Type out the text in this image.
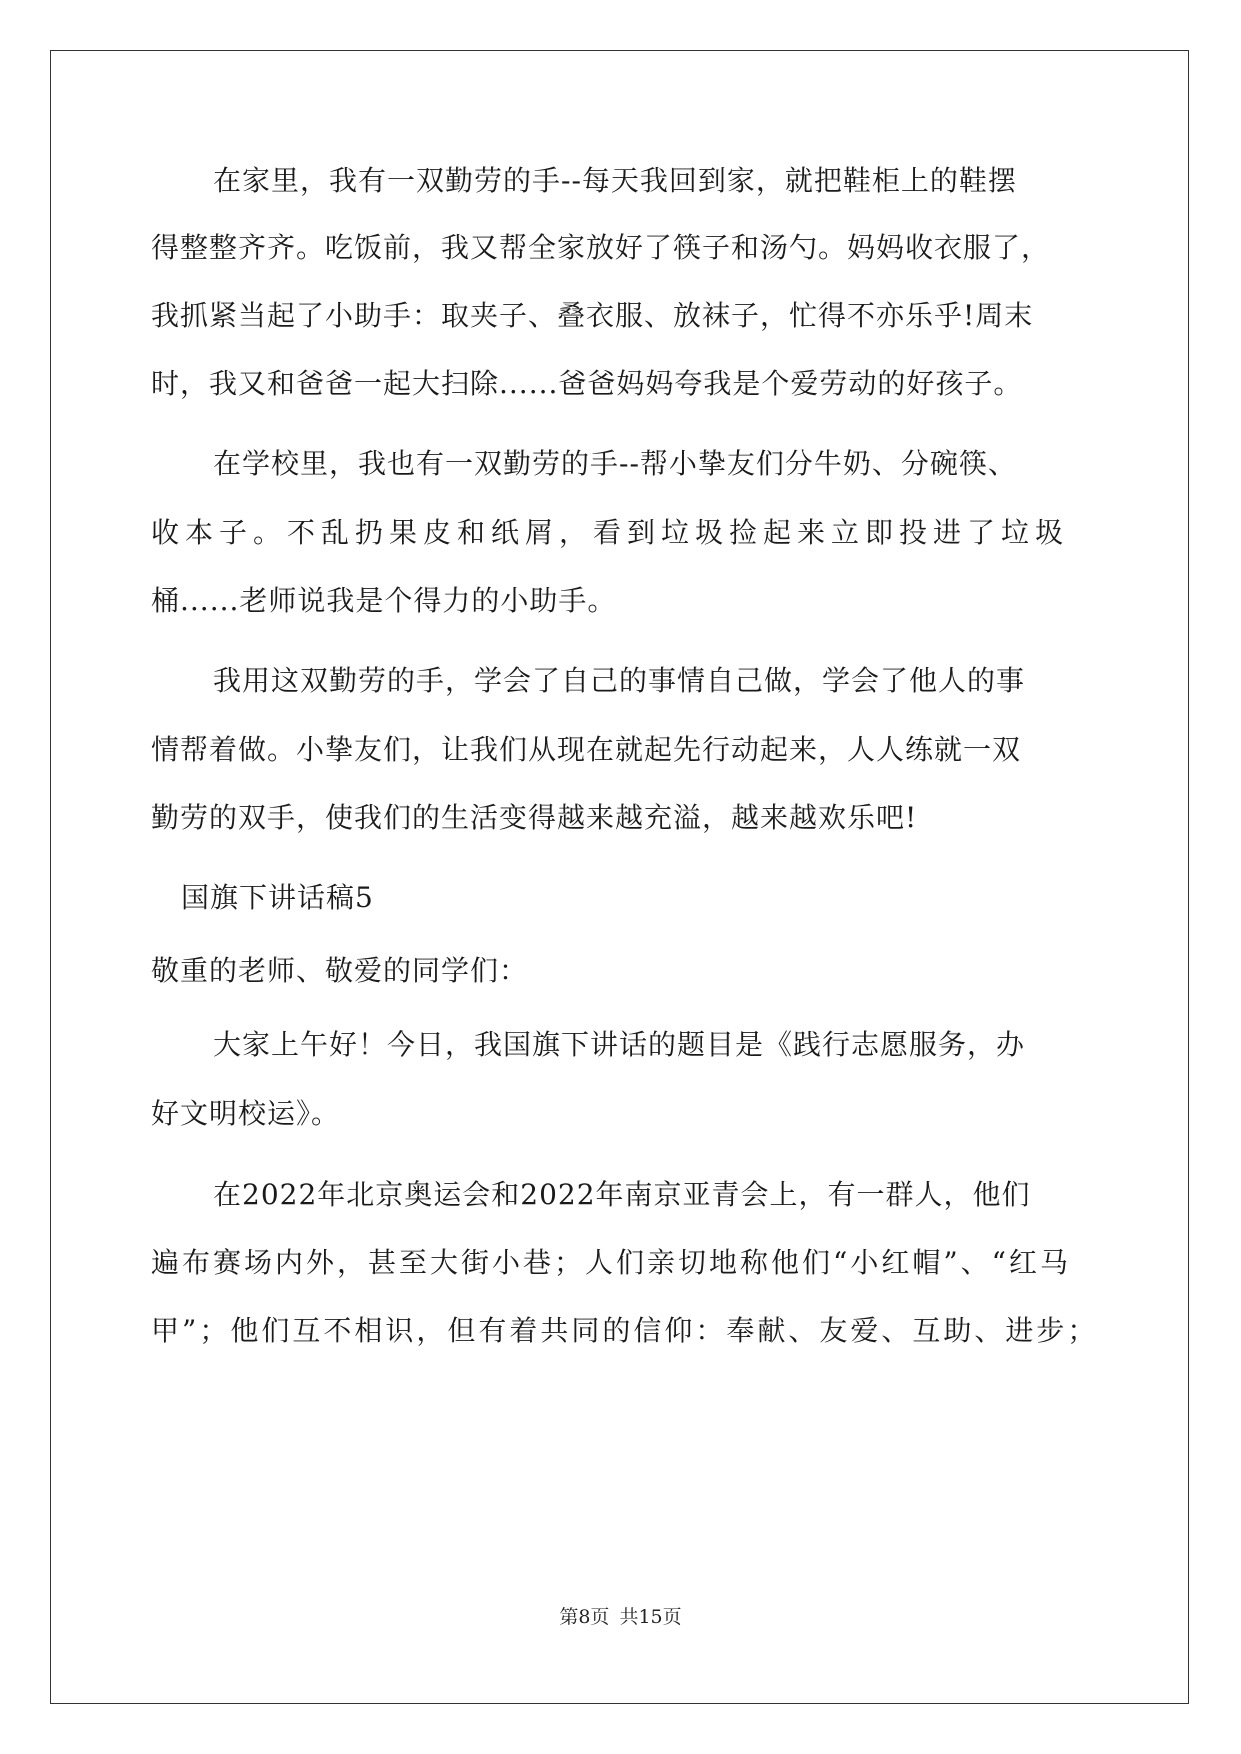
在家里，我有一双勤劳的手--每天我回到家，就把鞋柜上的鞋摆
得整整齐齐。吃饭前，我又帮全家放好了筷子和汤勺。妈妈收衣服了，
我抓紧当起了小助手：取夹子、叠衣服、放袜子，忙得不亦乐乎!周末
时，我又和爸爸一起大扫除......爸爸妈妈夸我是个爱劳动的好孩子。
在学校里，我也有一双勤劳的手--帮小挚友们分牛奶、分碗筷、
收本子。不乱扔果皮和纸屑，看到垃圾捡起来立即投进了垃圾
桶......老师说我是个得力的小助手。
我用这双勤劳的手，学会了自己的事情自己做，学会了他人的事
情帮着做。小挚友们，让我们从现在就起先行动起来，人人练就一双
勤劳的双手，使我们的生活变得越来越充溢，越来越欢乐吧!
国旗下讲话稿5
敬重的老师、敬爱的同学们：
大家上午好！今日，我国旗下讲话的题目是《践行志愿服务，办
好文明校运》。
在2022年北京奥运会和2022年南京亚青会上，有一群人，他们
遍布赛场内外，甚至大街小巷；人们亲切地称他们“小红帽”、“红马
甲”；他们互不相识，但有着共同的信仰：奉献、友爱、互助、进步；
第8页 共15页
